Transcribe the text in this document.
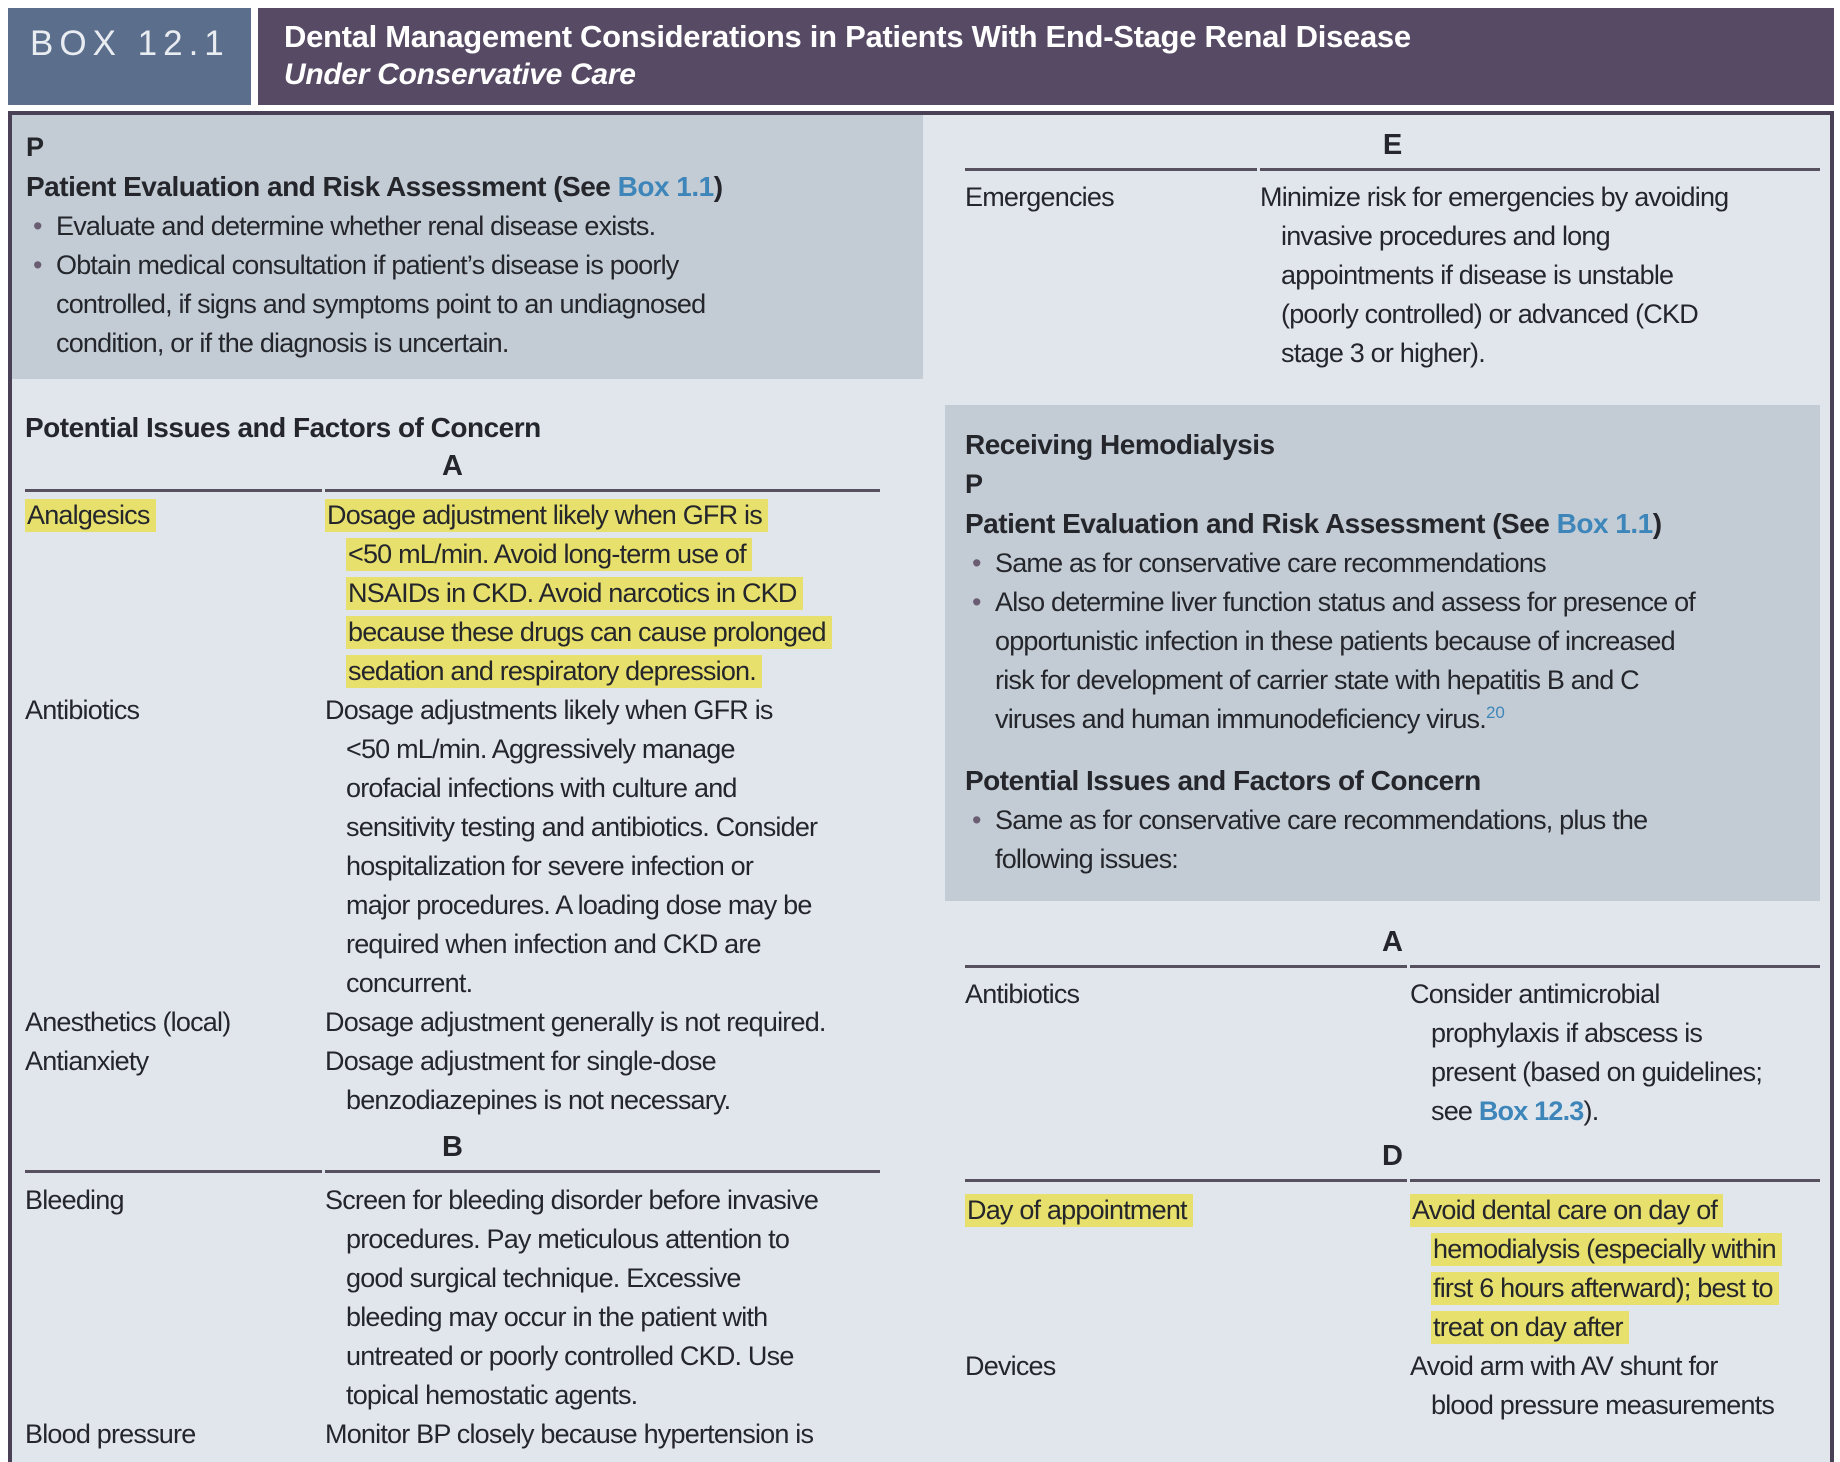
BOX 12.1	Dental Management Considerations in Patients With End-Stage Renal Disease
Under Conservative Care
P
Patient Evaluation and Risk Assessment (See Box 1.1)
• Evaluate and determine whether renal disease exists.
• Obtain medical consultation if patient’s disease is poorly
controlled, if signs and symptoms point to an undiagnosed
condition, or if the diagnosis is uncertain.
Potential Issues and Factors of Concern
A
Analgesics	Dosage adjustment likely when GFR is
<50 mL/min. Avoid long-term use of
NSAIDs in CKD. Avoid narcotics in CKD
because these drugs can cause prolonged
sedation and respiratory depression.
Antibiotics	Dosage adjustments likely when GFR is
<50 mL/min. Aggressively manage
orofacial infections with culture and
sensitivity testing and antibiotics. Consider
hospitalization for severe infection or
major procedures. A loading dose may be
required when infection and CKD are
concurrent.
Anesthetics (local)	Dosage adjustment generally is not required.
Antianxiety	Dosage adjustment for single-dose
benzodiazepines is not necessary.
B
Bleeding	Screen for bleeding disorder before invasive
procedures. Pay meticulous attention to
good surgical technique. Excessive
bleeding may occur in the patient with
untreated or poorly controlled CKD. Use
topical hemostatic agents.
Blood pressure	Monitor BP closely because hypertension is
E
Emergencies	Minimize risk for emergencies by avoiding
invasive procedures and long
appointments if disease is unstable
(poorly controlled) or advanced (CKD
stage 3 or higher).
Receiving Hemodialysis
P
Patient Evaluation and Risk Assessment (See Box 1.1)
• Same as for conservative care recommendations
• Also determine liver function status and assess for presence of
opportunistic infection in these patients because of increased
risk for development of carrier state with hepatitis B and C
viruses and human immunodeficiency virus.$^{20}$
Potential Issues and Factors of Concern
• Same as for conservative care recommendations, plus the
following issues:
A
Antibiotics	Consider antimicrobial
prophylaxis if abscess is
present (based on guidelines;
see Box 12.3).
D
Day of appointment	Avoid dental care on day of
hemodialysis (especially within
first 6 hours afterward); best to
treat on day after
Devices	Avoid arm with AV shunt for
blood pressure measurements
